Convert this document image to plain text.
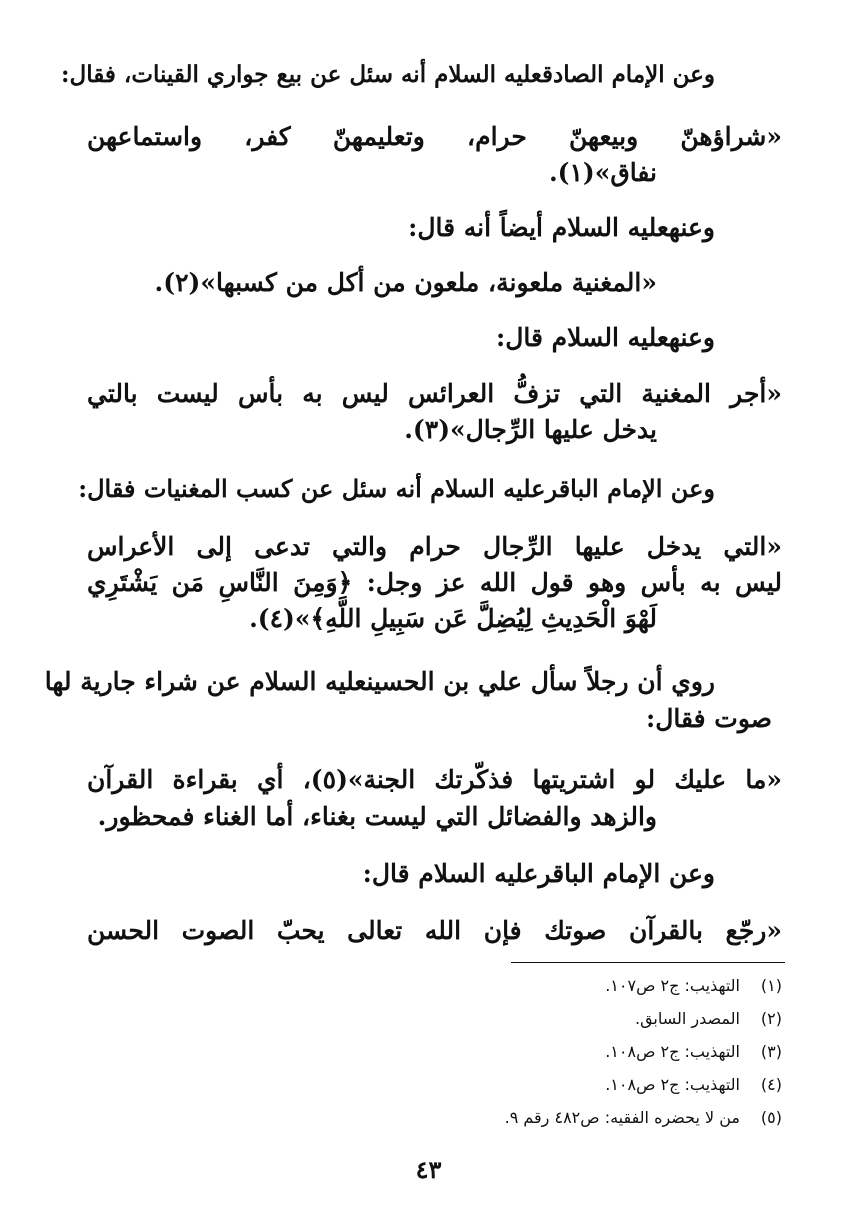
وعن الإمام الصادقعليه السلام أنه سئل عن بيع جواري القينات، فقال:
«شراؤهنّ وبيعهنّ حرام، وتعليمهنّ كفر، واستماعهن
نفاق»(١).
وعنهعليه السلام أيضاً أنه قال:
«المغنية ملعونة، ملعون من أكل من كسبها»(٢).
وعنهعليه السلام قال:
«أجر المغنية التي تزفُّ العرائس ليس به بأس ليست بالتي
يدخل عليها الرِّجال»(٣).
وعن الإمام الباقرعليه السلام أنه سئل عن كسب المغنيات فقال:
«التي يدخل عليها الرِّجال حرام والتي تدعى إلى الأعراس
ليس به بأس وهو قول الله عز وجل: ﴿وَمِنَ النَّاسِ مَن يَشْتَرِي
لَهْوَ الْحَدِيثِ لِيُضِلَّ عَن سَبِيلِ اللَّهِ﴾»(٤).
روي أن رجلاً سأل علي بن الحسينعليه السلام عن شراء جارية لها
صوت فقال:
«ما عليك لو اشتريتها فذكّرتك الجنة»(٥)، أي بقراءة القرآن
والزهد والفضائل التي ليست بغناء، أما الغناء فمحظور.
وعن الإمام الباقرعليه السلام قال:
«رجّع بالقرآن صوتك فإن الله تعالى يحبّ الصوت الحسن
(١)التهذيب: ج٢ ص١٠٧.
(٢)المصدر السابق.
(٣)التهذيب: ج٢ ص١٠٨.
(٤)التهذيب: ج٢ ص١٠٨.
(٥)من لا يحضره الفقيه: ص٤٨٢ رقم ٩.
٤٣
